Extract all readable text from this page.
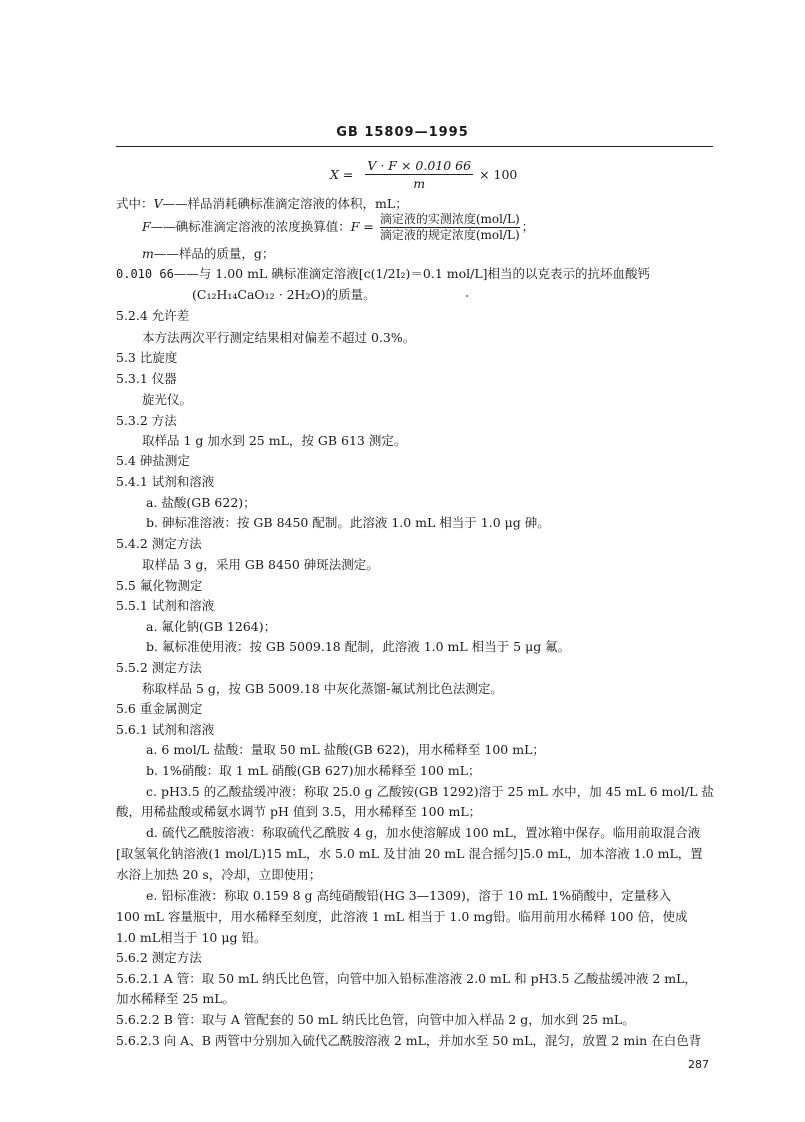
GB 15809—1995
$X = \frac{V \cdot F \times 0.010 66}{m} \times 100$
式中：V——样品消耗碘标准滴定溶液的体积，mL；
F——碘标准滴定溶液的浓度换算值：$F = \frac{\text{滴定液的实测浓度(mol/L)}}{\text{滴定液的规定浓度(mol/L)}}$ ；
m——样品的质量，g；
0.010 66——与 1.00 mL 碘标准滴定溶液[c(1/2I₂)＝0.1 mol/L]相当的以克表示的抗坏血酸钙
(C₁₂H₁₄CaO₁₂ · 2H₂O)的质量。
5.2.4 允许差
本方法两次平行测定结果相对偏差不超过 0.3%。
5.3 比旋度
5.3.1 仪器
旋光仪。
5.3.2 方法
取样品 1 g 加水到 25 mL，按 GB 613 测定。
5.4 砷盐测定
5.4.1 试剂和溶液
a. 盐酸(GB 622)；
b. 砷标准溶液：按 GB 8450 配制。此溶液 1.0 mL 相当于 1.0 μg 砷。
5.4.2 测定方法
取样品 3 g，采用 GB 8450 砷斑法测定。
5.5 氟化物测定
5.5.1 试剂和溶液
a. 氟化钠(GB 1264)；
b. 氟标准使用液：按 GB 5009.18 配制，此溶液 1.0 mL 相当于 5 μg 氟。
5.5.2 测定方法
称取样品 5 g，按 GB 5009.18 中灰化蒸馏-氟试剂比色法测定。
5.6 重金属测定
5.6.1 试剂和溶液
a. 6 mol/L 盐酸：量取 50 mL 盐酸(GB 622)，用水稀释至 100 mL；
b. 1%硝酸：取 1 mL 硝酸(GB 627)加水稀释至 100 mL；
c. pH3.5 的乙酸盐缓冲液：称取 25.0 g 乙酸铵(GB 1292)溶于 25 mL 水中，加 45 mL 6 mol/L 盐
酸，用稀盐酸或稀氨水调节 pH 值到 3.5，用水稀释至 100 mL；
d. 硫代乙酰胺溶液：称取硫代乙酰胺 4 g，加水使溶解成 100 mL，置冰箱中保存。临用前取混合液
[取氢氧化钠溶液(1 mol/L)15 mL，水 5.0 mL 及甘油 20 mL 混合摇匀]5.0 mL，加本溶液 1.0 mL，置
水浴上加热 20 s，冷却，立即使用；
e. 铅标准液：称取 0.159 8 g 高纯硝酸铅(HG 3—1309)，溶于 10 mL 1%硝酸中，定量移入
100 mL 容量瓶中，用水稀释至刻度，此溶液 1 mL 相当于 1.0 mg铅。临用前用水稀释 100 倍，使成
1.0 mL相当于 10 μg 铅。
5.6.2 测定方法
5.6.2.1 A 管：取 50 mL 纳氏比色管，向管中加入铅标准溶液 2.0 mL 和 pH3.5 乙酸盐缓冲液 2 mL，
加水稀释至 25 mL。
5.6.2.2 B 管：取与 A 管配套的 50 mL 纳氏比色管，向管中加入样品 2 g，加水到 25 mL。
5.6.2.3 向 A、B 两管中分别加入硫代乙酰胺溶液 2 mL，并加水至 50 mL，混匀，放置 2 min 在白色背
287
